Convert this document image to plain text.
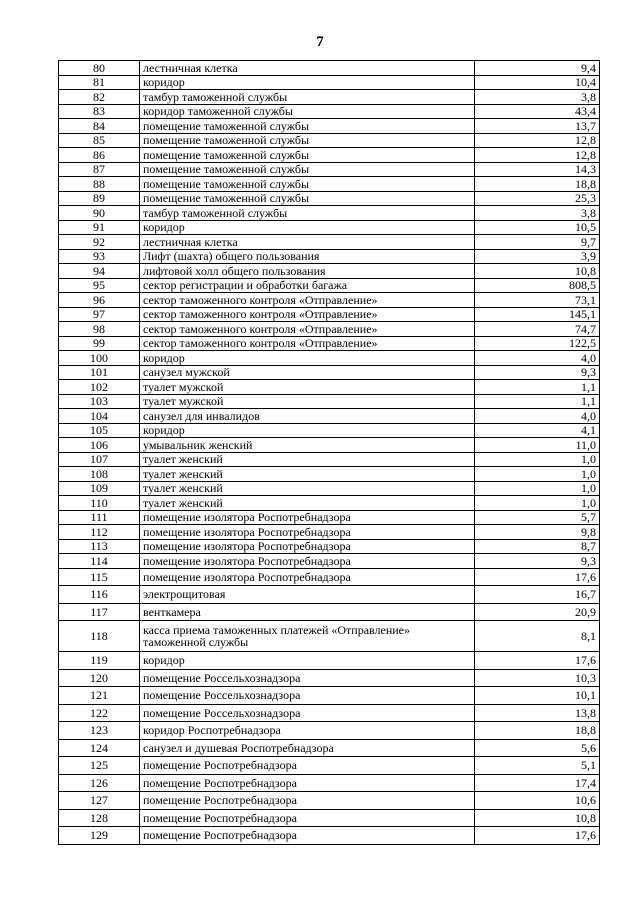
7
80	лестничная клетка	9,4
81	коридор	10,4
82	тамбур таможенной службы	3,8
83	коридор таможенной службы	43,4
84	помещение таможенной службы	13,7
85	помещение таможенной службы	12,8
86	помещение таможенной службы	12,8
87	помещение таможенной службы	14,3
88	помещение таможенной службы	18,8
89	помещение таможенной службы	25,3
90	тамбур таможенной службы	3,8
91	коридор	10,5
92	лестничная клетка	9,7
93	Лифт (шахта) общего пользования	3,9
94	лифтовой холл общего пользования	10,8
95	сектор регистрации и обработки багажа	808,5
96	сектор таможенного контроля «Отправление»	73,1
97	сектор таможенного контроля «Отправление»	145,1
98	сектор таможенного контроля «Отправление»	74,7
99	сектор таможенного контроля «Отправление»	122,5
100	коридор	4,0
101	санузел мужской	9,3
102	туалет мужской	1,1
103	туалет мужской	1,1
104	санузел для инвалидов	4,0
105	коридор	4,1
106	умывальник женский	11,0
107	туалет женский	1,0
108	туалет женский	1,0
109	туалет женский	1,0
110	туалет женский	1,0
111	помещение изолятора Роспотребнадзора	5,7
112	помещение изолятора Роспотребнадзора	9,8
113	помещение изолятора Роспотребнадзора	8,7
114	помещение изолятора Роспотребнадзора	9,3
115	помещение изолятора Роспотребнадзора	17,6
116	электрощитовая	16,7
117	венткамера	20,9
118	касса приема таможенных платежей «Отправление» таможенной службы	8,1
119	коридор	17,6
120	помещение Россельхознадзора	10,3
121	помещение Россельхознадзора	10,1
122	помещение Россельхознадзора	13,8
123	коридор Роспотребнадзора	18,8
124	санузел и душевая Роспотребнадзора	5,6
125	помещение Роспотребнадзора	5,1
126	помещение Роспотребнадзора	17,4
127	помещение Роспотребнадзора	10,6
128	помещение Роспотребнадзора	10,8
129	помещение Роспотребнадзора	17,6
